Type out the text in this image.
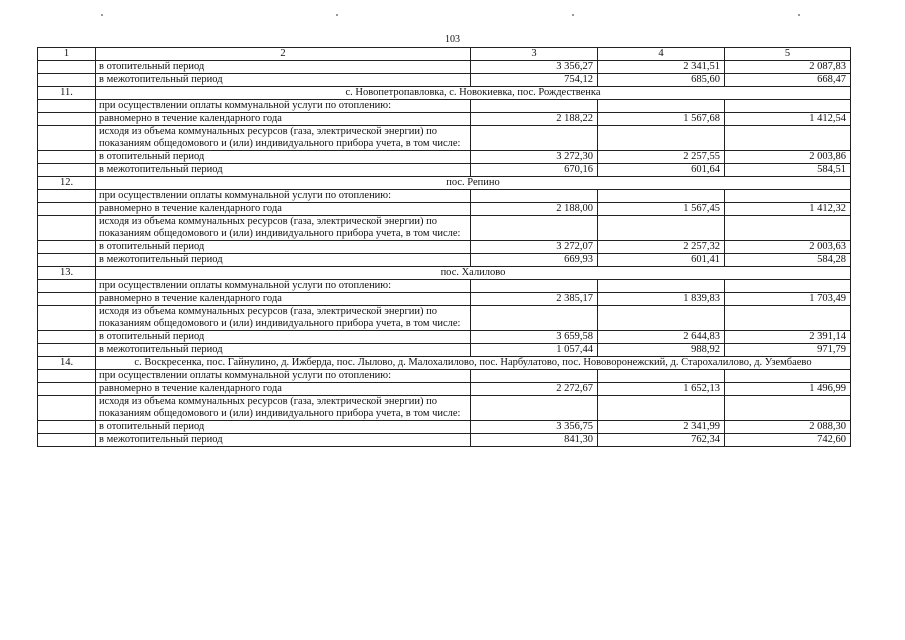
103
1	2	3	4	5
	в отопительный период	3 356,27	2 341,51	2 087,83
	в межотопительный период	754,12	685,60	668,47
11.	с. Новопетропавловка, с. Новокиевка, пос. Рождественка			
	при осуществлении оплаты коммунальной услуги по отоплению:			
	равномерно в течение календарного года	2 188,22	1 567,68	1 412,54
	исходя из объема коммунальных ресурсов (газа, электрической энергии) по показаниям общедомового и (или) индивидуального прибора учета, в том числе:			
	в отопительный период	3 272,30	2 257,55	2 003,86
	в межотопительный период	670,16	601,64	584,51
12.	пос. Репино			
	при осуществлении оплаты коммунальной услуги по отоплению:			
	равномерно в течение календарного года	2 188,00	1 567,45	1 412,32
	исходя из объема коммунальных ресурсов (газа, электрической энергии) по показаниям общедомового и (или) индивидуального прибора учета, в том числе:			
	в отопительный период	3 272,07	2 257,32	2 003,63
	в межотопительный период	669,93	601,41	584,28
13.	пос. Халилово			
	при осуществлении оплаты коммунальной услуги по отоплению:			
	равномерно в течение календарного года	2 385,17	1 839,83	1 703,49
	исходя из объема коммунальных ресурсов (газа, электрической энергии) по показаниям общедомового и (или) индивидуального прибора учета, в том числе:			
	в отопительный период	3 659,58	2 644,83	2 391,14
	в межотопительный период	1 057,44	988,92	971,79
14.	с. Воскресенка, пос. Гайнулино, д. Ижберда, пос. Лылово, д. Малохалилово, пос. Нарбулатово, пос. Нововоронежский, д. Старохалилово, д. Узембаево			
	при осуществлении оплаты коммунальной услуги по отоплению:			
	равномерно в течение календарного года	2 272,67	1 652,13	1 496,99
	исходя из объема коммунальных ресурсов (газа, электрической энергии) по показаниям общедомового и (или) индивидуального прибора учета, в том числе:			
	в отопительный период	3 356,75	2 341,99	2 088,30
	в межотопительный период	841,30	762,34	742,60
